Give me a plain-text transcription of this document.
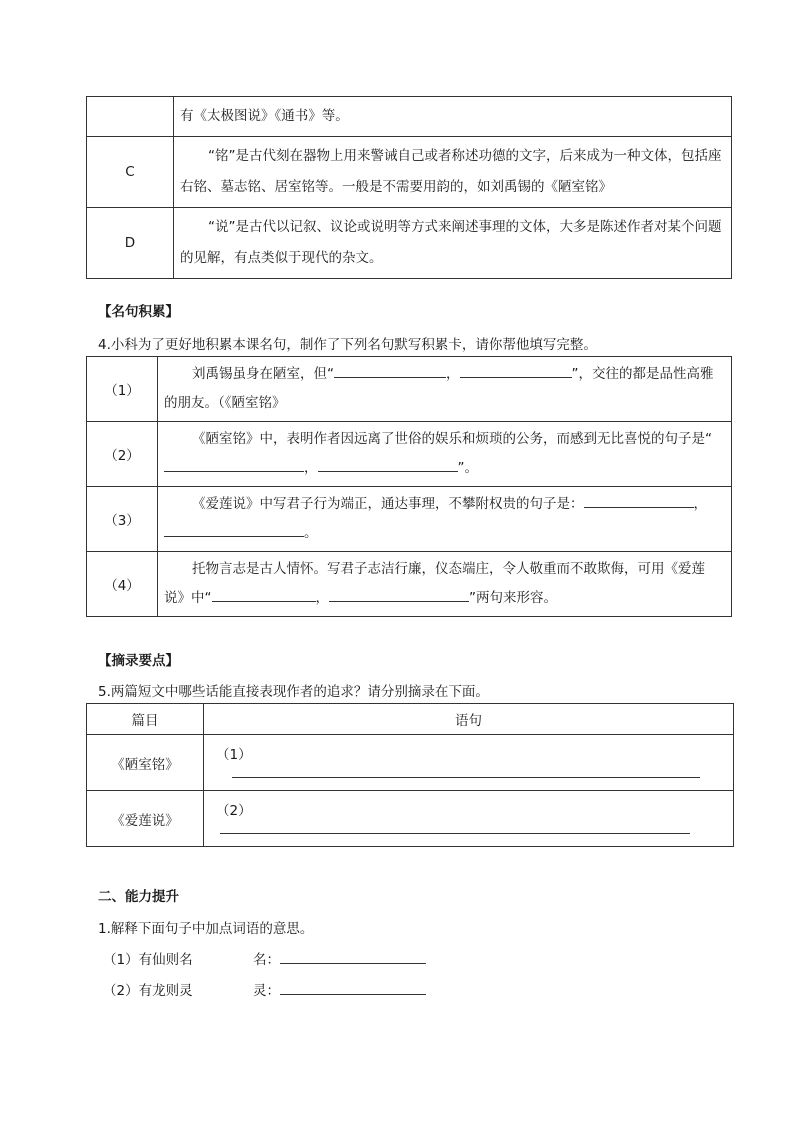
	有《太极图说》《通书》等。
C	“铭”是古代刻在器物上用来警诫自己或者称述功德的文字，后来成为一种文体，包括座右铭、墓志铭、居室铭等。一般是不需要用韵的，如刘禹锡的《陋室铭》
D	“说”是古代以记叙、议论或说明等方式来阐述事理的文体，大多是陈述作者对某个问题的见解，有点类似于现代的杂文。
【名句积累】
4.小科为了更好地积累本课名句，制作了下列名句默写积累卡，请你帮他填写完整。
（1）	刘禹锡虽身在陋室，但“ ， ”，交往的都是品性高雅的朋友。（《陋室铭》
（2）	《陋室铭》中，表明作者因远离了世俗的娱乐和烦琐的公务，而感到无比喜悦的句子是“， ”。
（3）	《爱莲说》中写君子行为端正，通达事理，不攀附权贵的句子是： ，。
（4）	托物言志是古人情怀。写君子志洁行廉，仪态端庄，令人敬重而不敢欺侮，可用《爱莲说》中“ ， ”两句来形容。
【摘录要点】
5.两篇短文中哪些话能直接表现作者的追求？请分别摘录在下面。
篇目	语句
《陋室铭》	（1）
《爱莲说》	（2）
二、能力提升
1.解释下面句子中加点词语的意思。
（1）有仙则名	名：
（2）有龙则灵	灵：
